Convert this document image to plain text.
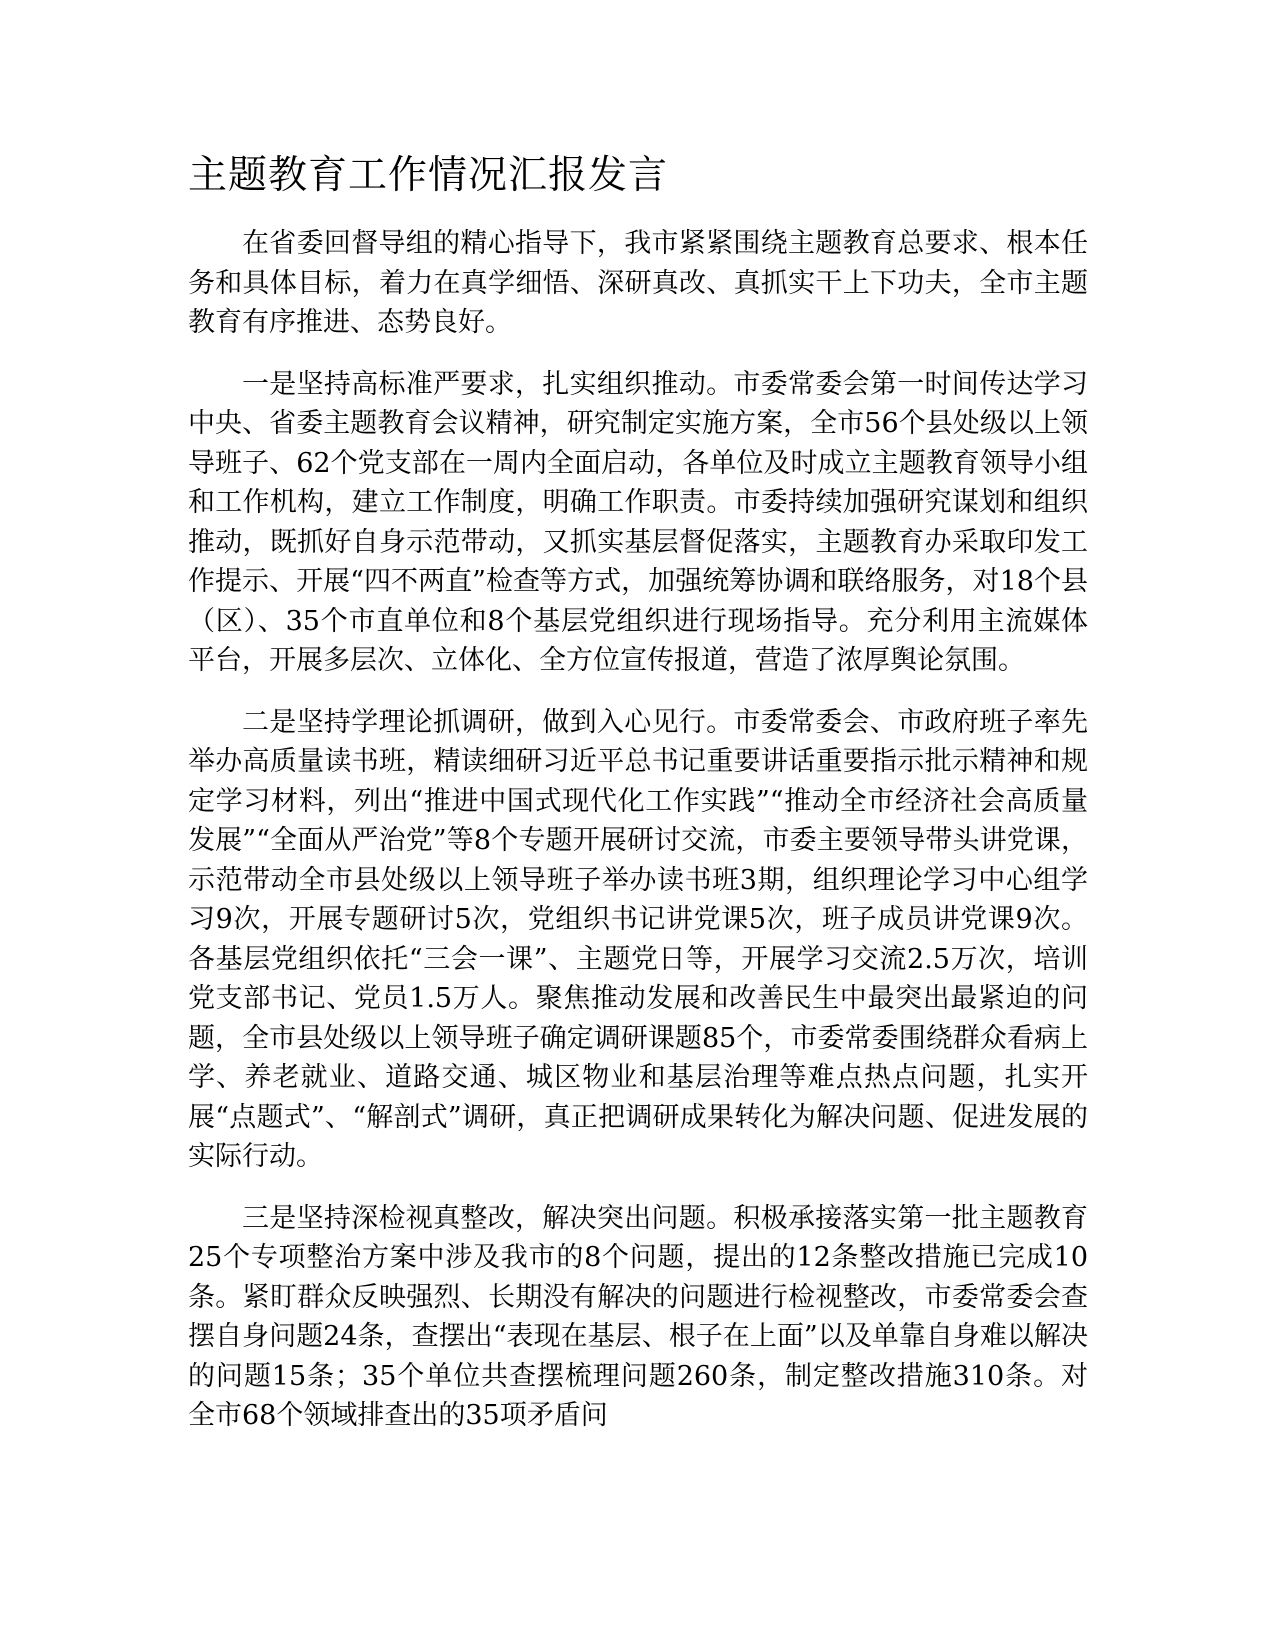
主题教育工作情况汇报发言

在省委回督导组的精心指导下，我市紧紧围绕主题教育总要求、根本任务和具体目标，着力在真学细悟、深研真改、真抓实干上下功夫，全市主题教育有序推进、态势良好。

一是坚持高标准严要求，扎实组织推动。市委常委会第一时间传达学习中央、省委主题教育会议精神，研究制定实施方案，全市56个县处级以上领导班子、62个党支部在一周内全面启动，各单位及时成立主题教育领导小组和工作机构，建立工作制度，明确工作职责。市委持续加强研究谋划和组织推动，既抓好自身示范带动，又抓实基层督促落实，主题教育办采取印发工作提示、开展“四不两直”检查等方式，加强统筹协调和联络服务，对18个县（区）、35个市直单位和8个基层党组织进行现场指导。充分利用主流媒体平台，开展多层次、立体化、全方位宣传报道，营造了浓厚舆论氛围。

二是坚持学理论抓调研，做到入心见行。市委常委会、市政府班子率先举办高质量读书班，精读细研习近平总书记重要讲话重要指示批示精神和规定学习材料，列出“推进中国式现代化工作实践”“推动全市经济社会高质量发展”“全面从严治党”等8个专题开展研讨交流，市委主要领导带头讲党课，示范带动全市县处级以上领导班子举办读书班3期，组织理论学习中心组学习9次，开展专题研讨5次，党组织书记讲党课5次，班子成员讲党课9次。各基层党组织依托“三会一课”、主题党日等，开展学习交流2.5万次，培训党支部书记、党员1.5万人。聚焦推动发展和改善民生中最突出最紧迫的问题，全市县处级以上领导班子确定调研课题85个，市委常委围绕群众看病上学、养老就业、道路交通、城区物业和基层治理等难点热点问题，扎实开展“点题式”、“解剖式”调研，真正把调研成果转化为解决问题、促进发展的实际行动。

三是坚持深检视真整改，解决突出问题。积极承接落实第一批主题教育25个专项整治方案中涉及我市的8个问题，提出的12条整改措施已完成10条。紧盯群众反映强烈、长期没有解决的问题进行检视整改，市委常委会查摆自身问题24条，查摆出“表现在基层、根子在上面”以及单靠自身难以解决的问题15条；35个单位共查摆梳理问题260条，制定整改措施310条。对全市68个领域排查出的35项矛盾问
